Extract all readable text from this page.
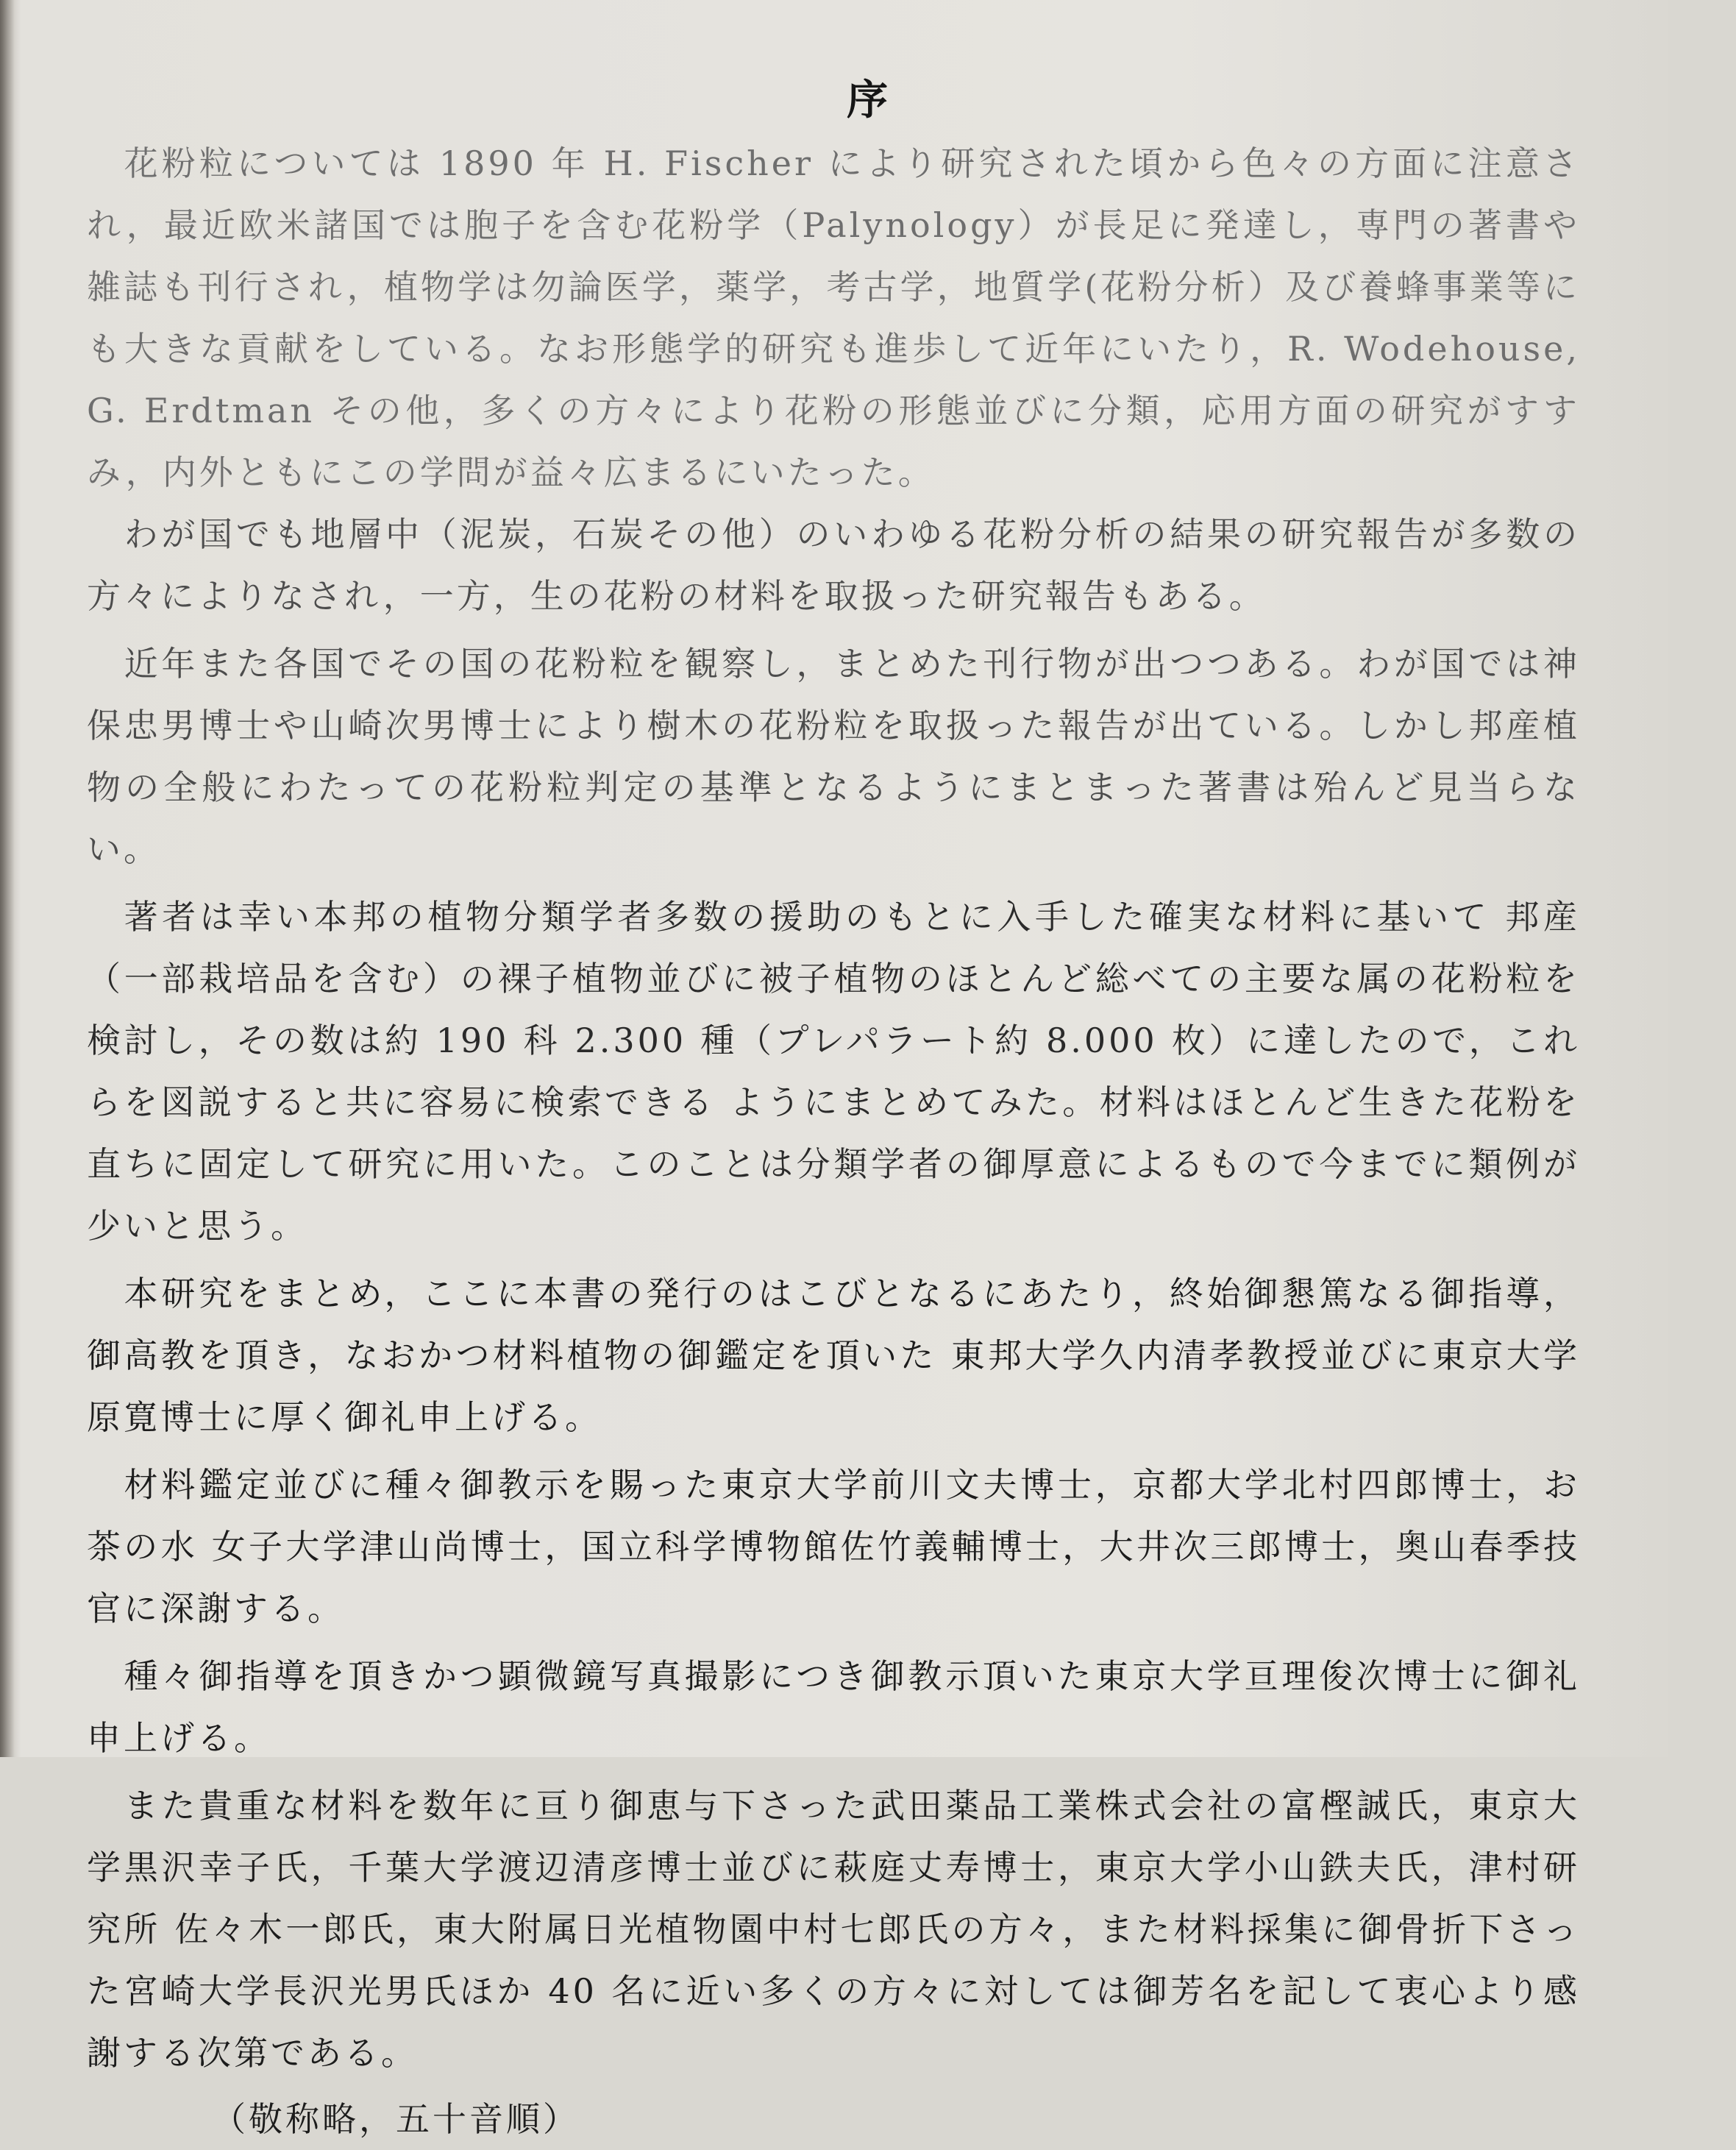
序

花粉粒については 1890 年 H. Fischer により研究された頃から色々の方面に注意され，最近欧米諸国では胞子を含む花粉学（Palynology）が長足に発達し，専門の著書や雑誌も刊行され，植物学は勿論医学，薬学，考古学，地質学(花粉分析）及び養蜂事業等にも大きな貢献をしている。なお形態学的研究も進歩して近年にいたり，R. Wodehouse, G. Erdtman その他，多くの方々により花粉の形態並びに分類，応用方面の研究がすすみ，内外ともにこの学問が益々広まるにいたった。

わが国でも地層中（泥炭，石炭その他）のいわゆる花粉分析の結果の研究報告が多数の方々によりなされ，一方，生の花粉の材料を取扱った研究報告もある。

近年また各国でその国の花粉粒を観察し，まとめた刊行物が出つつある。わが国では神保忠男博士や山崎次男博士により樹木の花粉粒を取扱った報告が出ている。しかし邦産植物の全般にわたっての花粉粒判定の基準となるようにまとまった著書は殆んど見当らない。

著者は幸い本邦の植物分類学者多数の援助のもとに入手した確実な材料に基いて 邦産（一部栽培品を含む）の裸子植物並びに被子植物のほとんど総べての主要な属の花粉粒を 検討し，その数は約 190 科 2.300 種（プレパラート約 8.000 枚）に達したので，これらを図説すると共に容易に検索できる ようにまとめてみた。材料はほとんど生きた花粉を直ちに固定して研究に用いた。このことは分類学者の御厚意によるもので今までに類例が少いと思う。

本研究をまとめ，ここに本書の発行のはこびとなるにあたり，終始御懇篤なる御指導，御高教を頂き，なおかつ材料植物の御鑑定を頂いた 東邦大学久内清孝教授並びに東京大学原寛博士に厚く御礼申上げる。

材料鑑定並びに種々御教示を賜った東京大学前川文夫博士，京都大学北村四郎博士，お茶の水 女子大学津山尚博士，国立科学博物館佐竹義輔博士，大井次三郎博士，奥山春季技官に深謝する。

種々御指導を頂きかつ顕微鏡写真撮影につき御教示頂いた東京大学亘理俊次博士に御礼申上げる。

また貴重な材料を数年に亘り御恵与下さった武田薬品工業株式会社の富樫誠氏，東京大学黒沢幸子氏，千葉大学渡辺清彦博士並びに萩庭丈寿博士，東京大学小山鉄夫氏，津村研究所 佐々木一郎氏，東大附属日光植物園中村七郎氏の方々，また材料採集に御骨折下さった宮崎大学長沢光男氏ほか 40 名に近い多くの方々に対しては御芳名を記して衷心より感謝する次第である。

（敬称略，五十音順）
